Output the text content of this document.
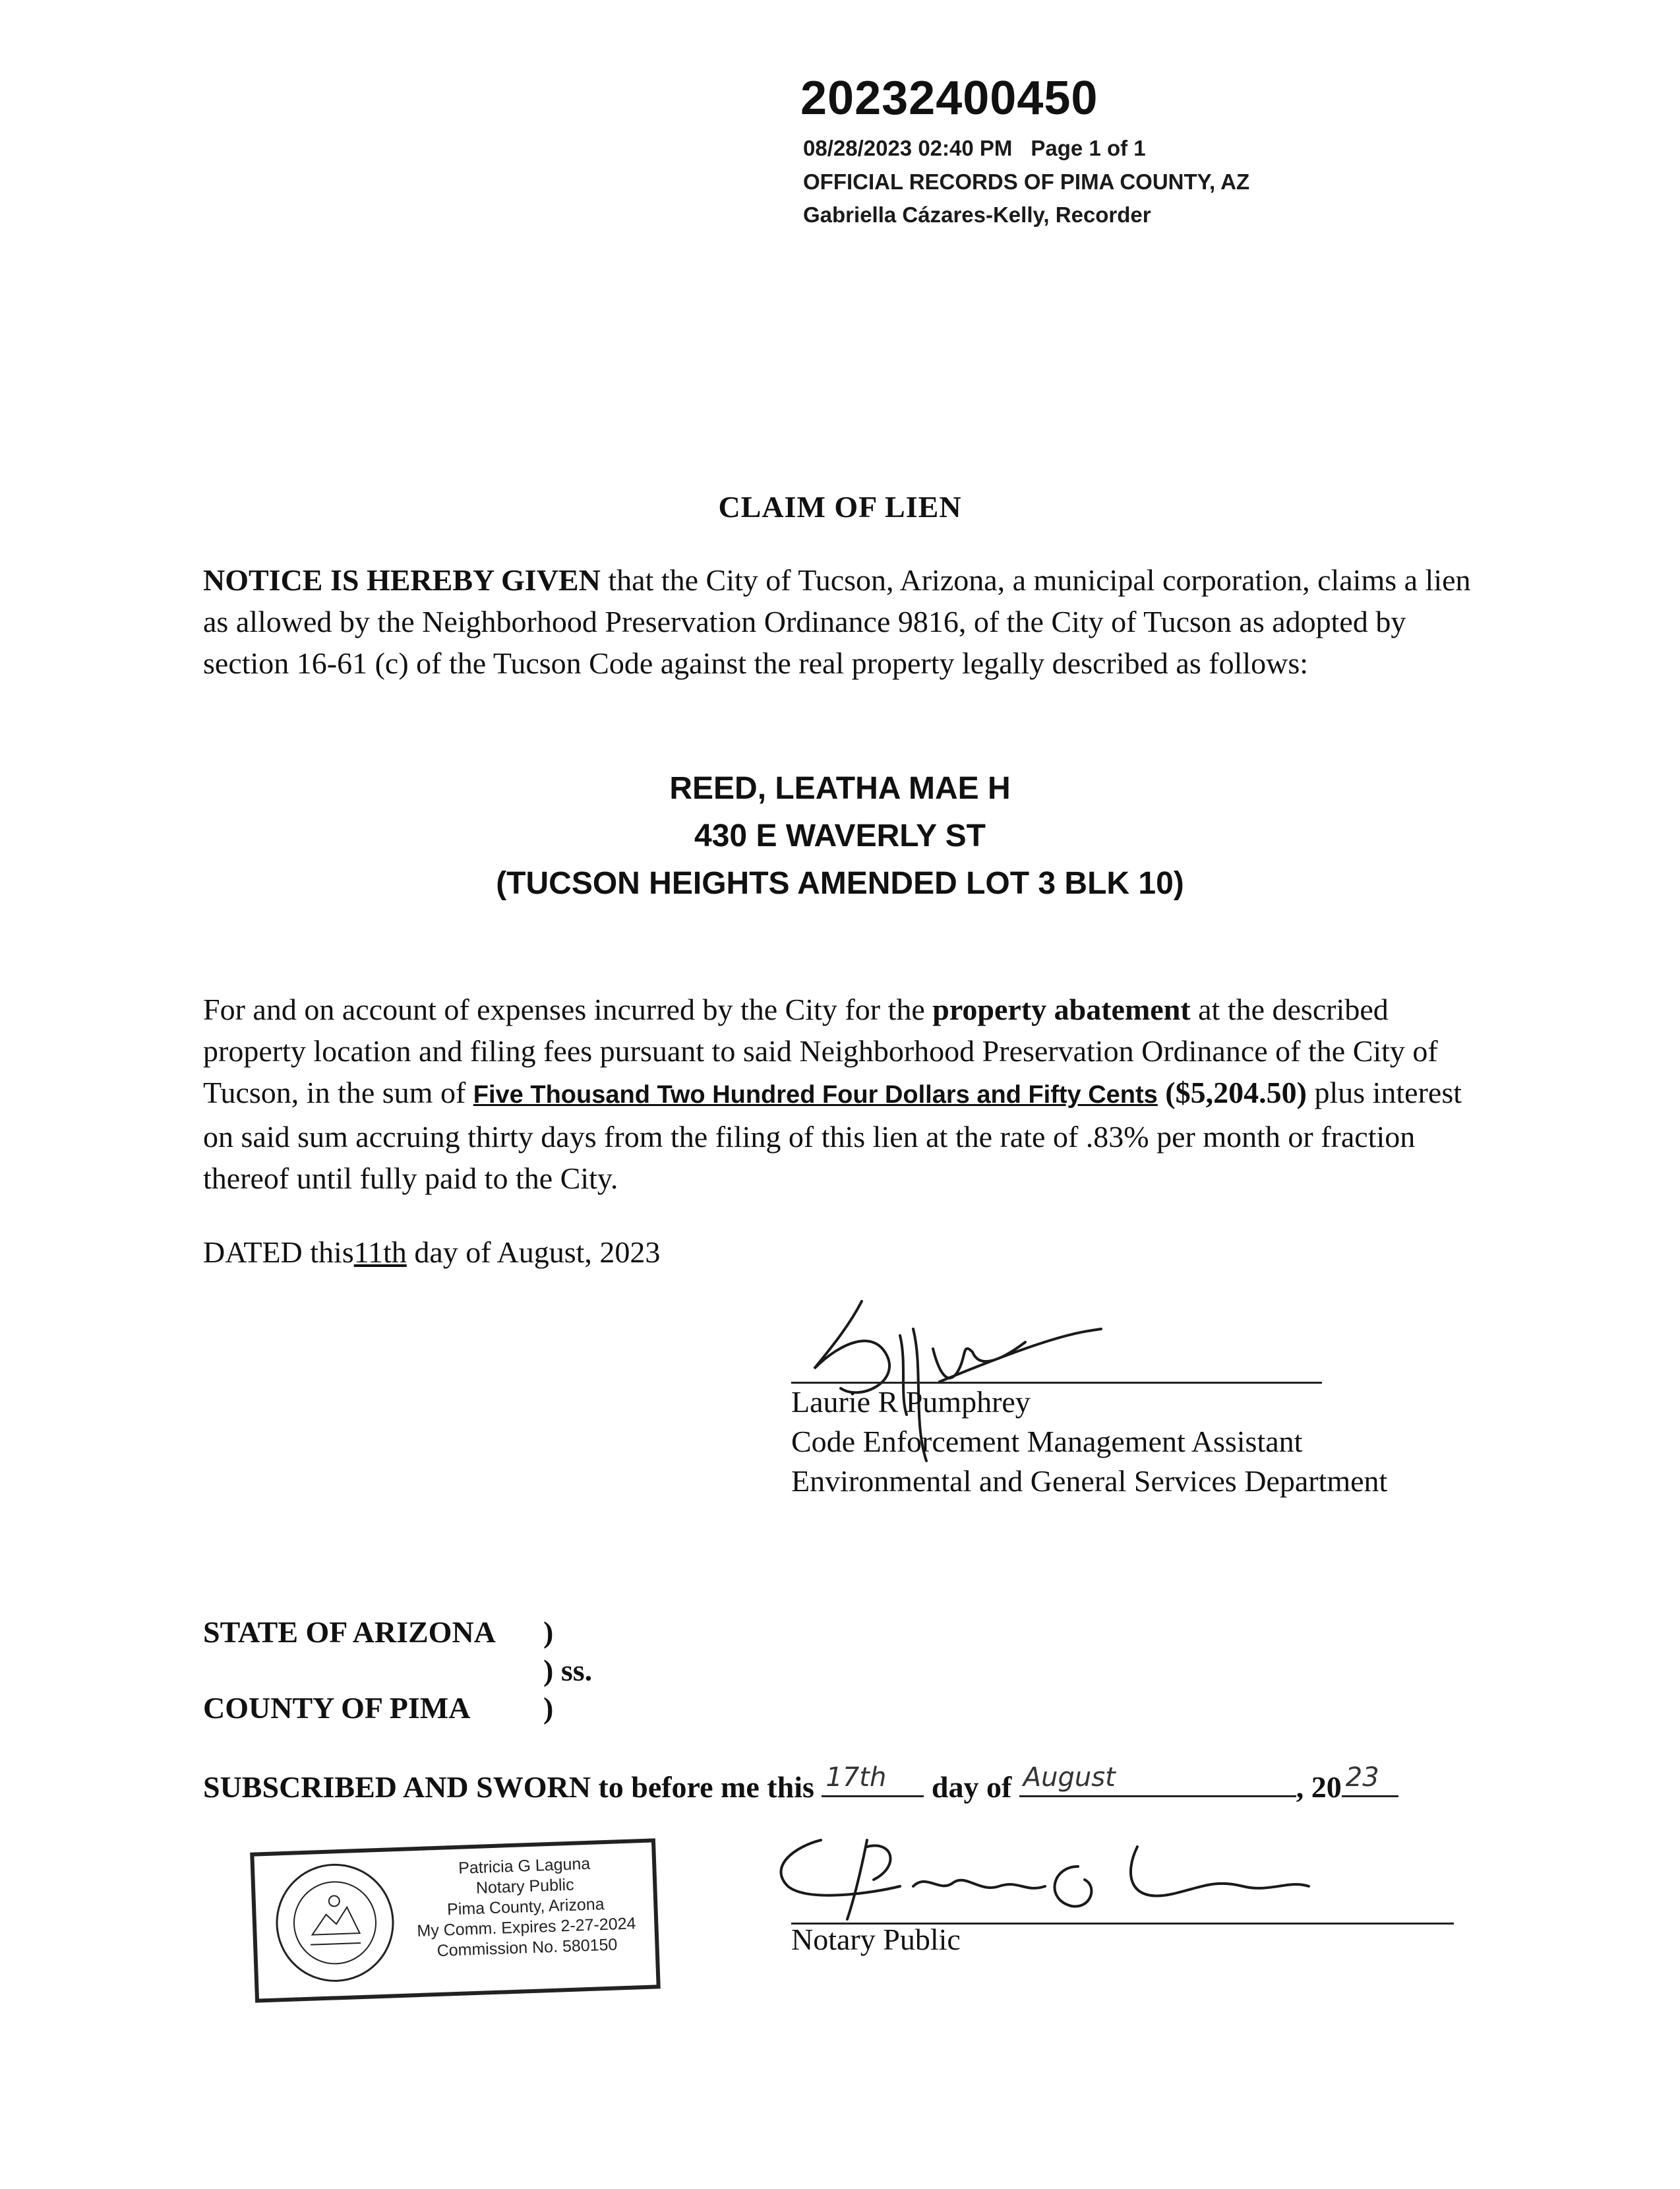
20232400450
08/28/2023 02:40 PM Page 1 of 1
OFFICIAL RECORDS OF PIMA COUNTY, AZ
Gabriella Cázares-Kelly, Recorder
CLAIM OF LIEN

NOTICE IS HEREBY GIVEN that the City of Tucson, Arizona, a municipal corporation, claims a lien as allowed by the Neighborhood Preservation Ordinance 9816, of the City of Tucson as adopted by section 16-61 (c) of the Tucson Code against the real property legally described as follows:

REED, LEATHA MAE H

430 E WAVERLY ST

(TUCSON HEIGHTS AMENDED LOT 3 BLK 10)

For and on account of expenses incurred by the City for the property abatement at the described property location and filing fees pursuant to said Neighborhood Preservation Ordinance of the City of Tucson, in the sum of Five Thousand Two Hundred Four Dollars and Fifty Cents ($5,204.50) plus interest on said sum accruing thirty days from the filing of this lien at the rate of .83% per month or fraction thereof until fully paid to the City.

DATED this11th day of August, 2023
Laurie R Pumphrey
Code Enforcement Management Assistant
Environmental and General Services Department
STATE OF ARIZONA )
) ss.
COUNTY OF PIMA )
SUBSCRIBED AND SWORN to before me this 17th day of August	, 20 23
Notary Public
Patricia G Laguna
Notary Public
Pima County, Arizona
My Comm. Expires 2-27-2024
Commission No. 580150
